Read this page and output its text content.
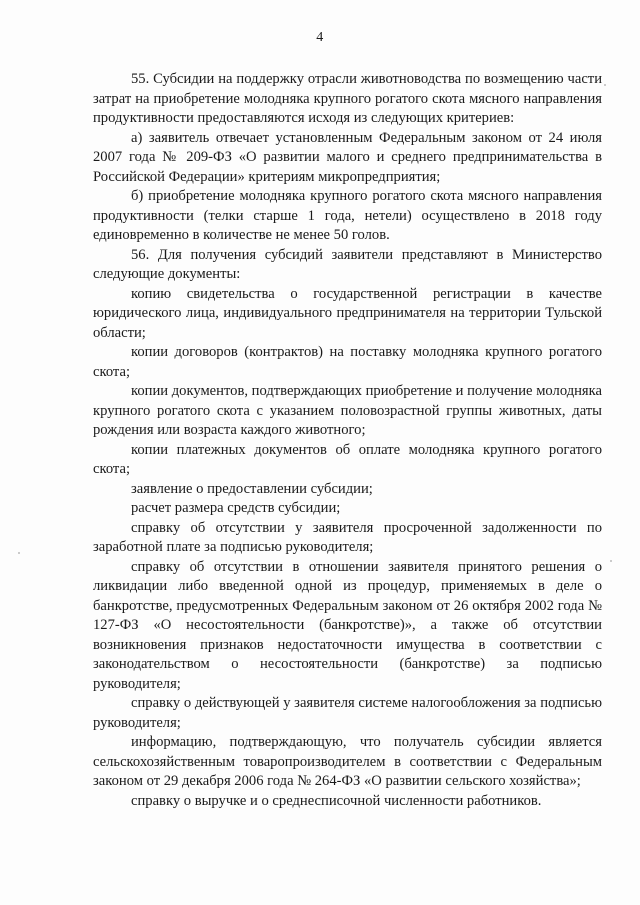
4

55. Субсидии на поддержку отрасли животноводства по возмещению части затрат на приобретение молодняка крупного рогатого скота мясного направления продуктивности предоставляются исходя из следующих критериев:

а) заявитель отвечает установленным Федеральным законом от 24 июля 2007 года № 209-ФЗ «О развитии малого и среднего предпринимательства в Российской Федерации» критериям микропредприятия;

б) приобретение молодняка крупного рогатого скота мясного направления продуктивности (телки старше 1 года, нетели) осуществлено в 2018 году единовременно в количестве не менее 50 голов.

56. Для получения субсидий заявители представляют в Министерство следующие документы:

копию свидетельства о государственной регистрации в качестве юридического лица, индивидуального предпринимателя на территории Тульской области;

копии договоров (контрактов) на поставку молодняка крупного рогатого скота;

копии документов, подтверждающих приобретение и получение молодняка крупного рогатого скота с указанием половозрастной группы животных, даты рождения или возраста каждого животного;

копии платежных документов об оплате молодняка крупного рогатого скота;

заявление о предоставлении субсидии;

расчет размера средств субсидии;

справку об отсутствии у заявителя просроченной задолженности по заработной плате за подписью руководителя;

справку об отсутствии в отношении заявителя принятого решения о ликвидации либо введенной одной из процедур, применяемых в деле о банкротстве, предусмотренных Федеральным законом от 26 октября 2002 года № 127-ФЗ «О несостоятельности (банкротстве)», а также об отсутствии возникновения признаков недостаточности имущества в соответствии с законодательством о несостоятельности (банкротстве) за подписью руководителя;

справку о действующей у заявителя системе налогообложения за подписью руководителя;

информацию, подтверждающую, что получатель субсидии является сельскохозяйственным товаропроизводителем в соответствии с Федеральным законом от 29 декабря 2006 года № 264-ФЗ «О развитии сельского хозяйства»;

справку о выручке и о среднесписочной численности работников.
